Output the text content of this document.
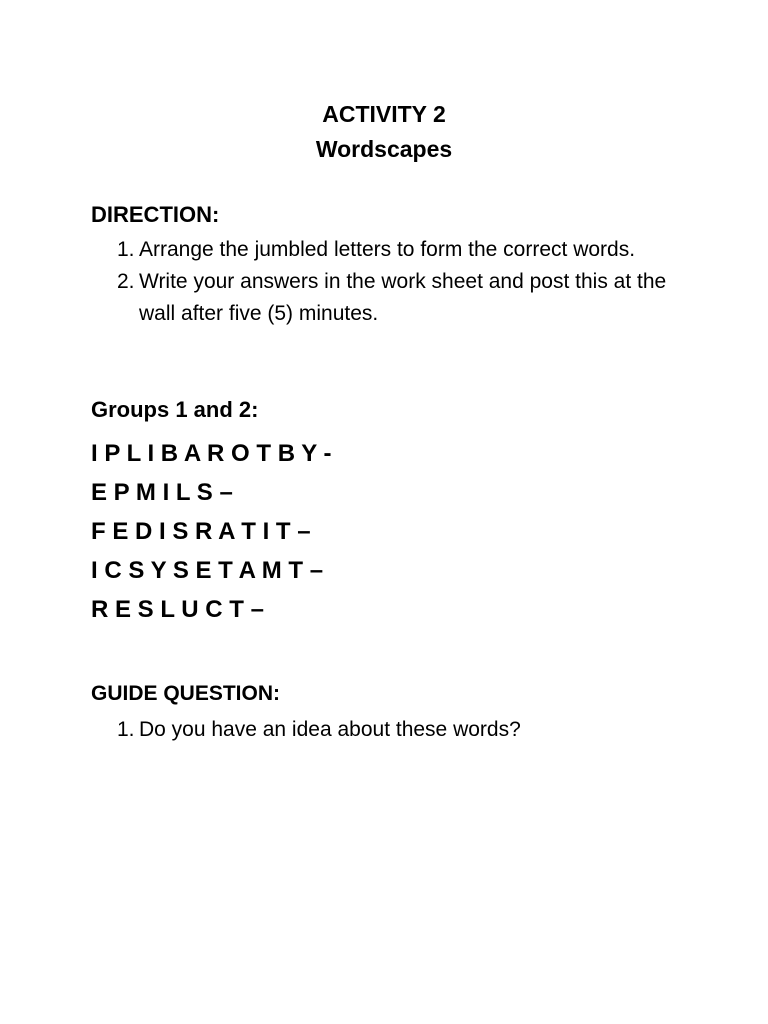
ACTIVITY 2
Wordscapes
DIRECTION:
1. Arrange the jumbled letters to form the correct words.
2. Write your answers in the work sheet and post this at the wall after five (5) minutes.
Groups 1 and 2:
I P L I B A R O T B Y -
E P M I L S –
F E D I S R A T I T –
I C S Y S E T A M T –
R E S L U C T –
GUIDE QUESTION:
1. Do you have an idea about these words?
